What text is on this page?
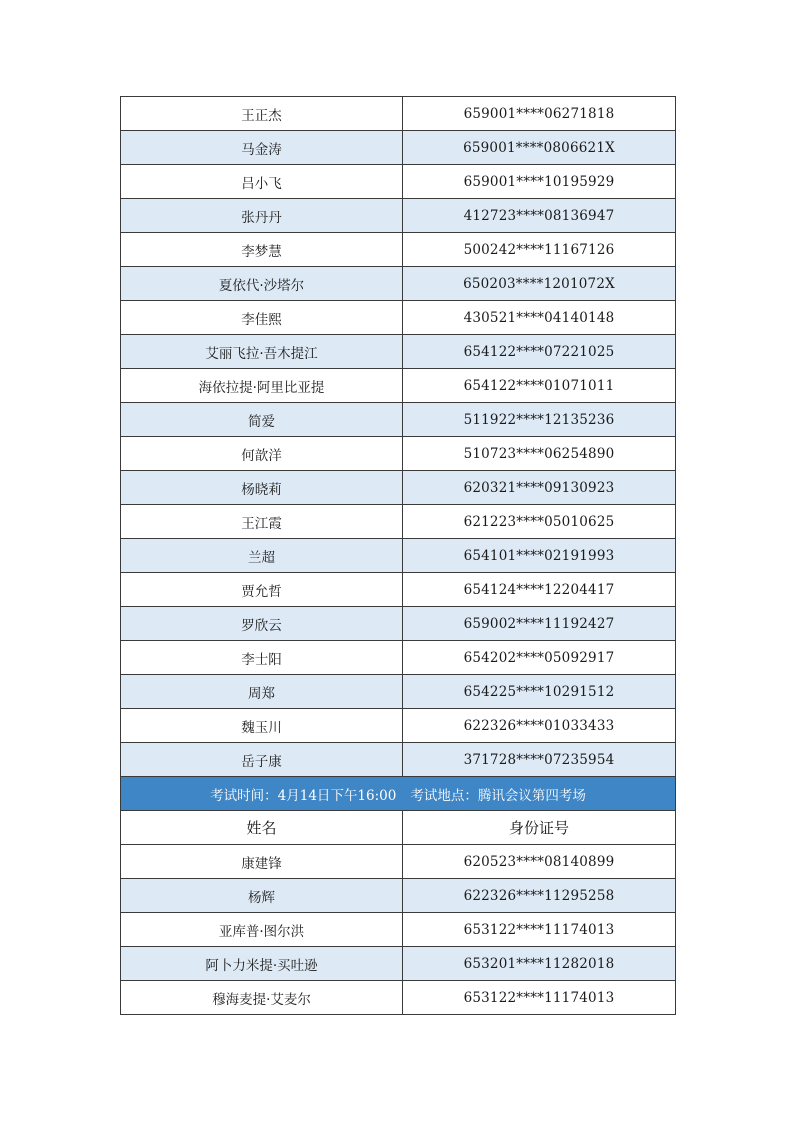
王正杰	659001****06271818
马金涛	659001****0806621X
吕小飞	659001****10195929
张丹丹	412723****08136947
李梦慧	500242****11167126
夏依代·沙塔尔	650203****1201072X
李佳熙	430521****04140148
艾丽飞拉·吾木提江	654122****07221025
海依拉提·阿里比亚提	654122****01071011
简爱	511922****12135236
何歆洋	510723****06254890
杨晓莉	620321****09130923
王江霞	621223****05010625
兰超	654101****02191993
贾允哲	654124****12204417
罗欣云	659002****11192427
李士阳	654202****05092917
周郑	654225****10291512
魏玉川	622326****01033433
岳子康	371728****07235954
考试时间：4月14日下午16:00 考试地点：腾讯会议第四考场	
姓名	身份证号
康建锋	620523****08140899
杨辉	622326****11295258
亚库普·图尔洪	653122****11174013
阿卜力米提·买吐逊	653201****11282018
穆海麦提·艾麦尔	653122****11174013
